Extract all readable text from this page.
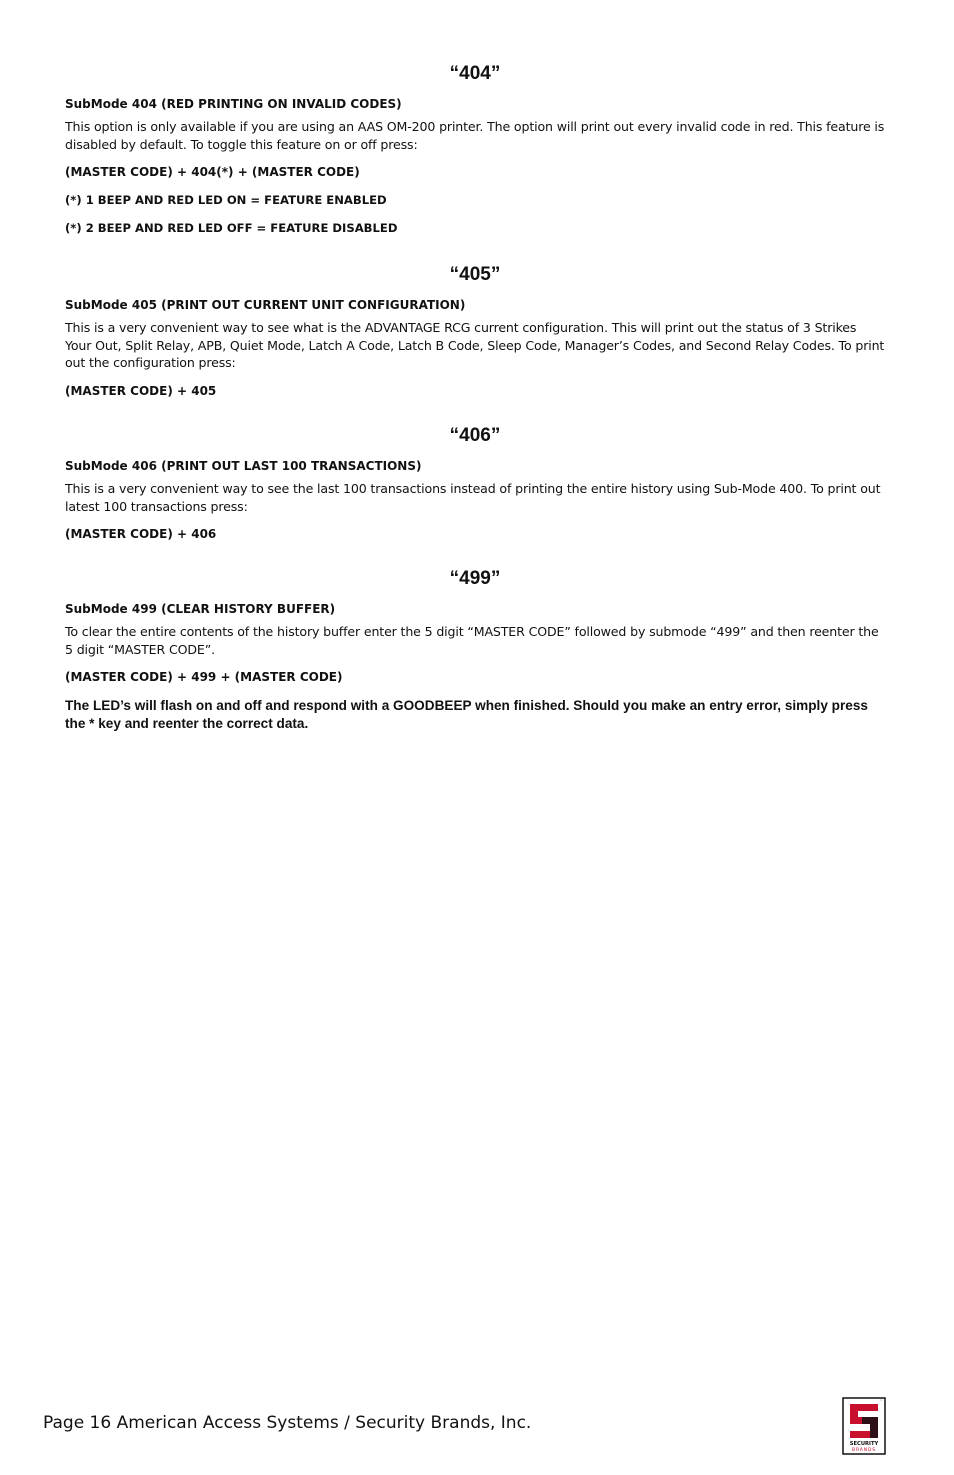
“404”
SubMode 404 (RED PRINTING ON INVALID CODES)
This option is only available if you are using an AAS OM-200 printer. The option will print out every invalid code in red. This feature is disabled by default. To toggle this feature on or off press:
(MASTER CODE) + 404(*) + (MASTER CODE)
(*) 1 BEEP AND RED LED ON = FEATURE ENABLED
(*) 2 BEEP AND RED LED OFF = FEATURE DISABLED
“405”
SubMode 405 (PRINT OUT CURRENT UNIT CONFIGURATION)
This is a very convenient way to see what is the ADVANTAGE RCG current configuration. This will print out the status of 3 Strikes Your Out, Split Relay, APB, Quiet Mode, Latch A Code, Latch B Code, Sleep Code, Manager’s Codes, and Second Relay Codes. To print out the configuration press:
(MASTER CODE) + 405
“406”
SubMode 406 (PRINT OUT LAST 100 TRANSACTIONS)
This is a very convenient way to see the last 100 transactions instead of printing the entire history using Sub-Mode 400. To print out latest 100 transactions press:
(MASTER CODE) + 406
“499”
SubMode 499 (CLEAR HISTORY BUFFER)
To clear the entire contents of the history buffer enter the 5 digit “MASTER CODE” followed by submode “499” and then reenter the 5 digit “MASTER CODE”.
(MASTER CODE) + 499 + (MASTER CODE)
The LED’s will flash on and off and respond with a GOODBEEP when finished. Should you make an entry error, simply press the * key and reenter the correct data.
Page 16 American Access Systems / Security Brands, Inc.
SECURITY
BRANDS
™
